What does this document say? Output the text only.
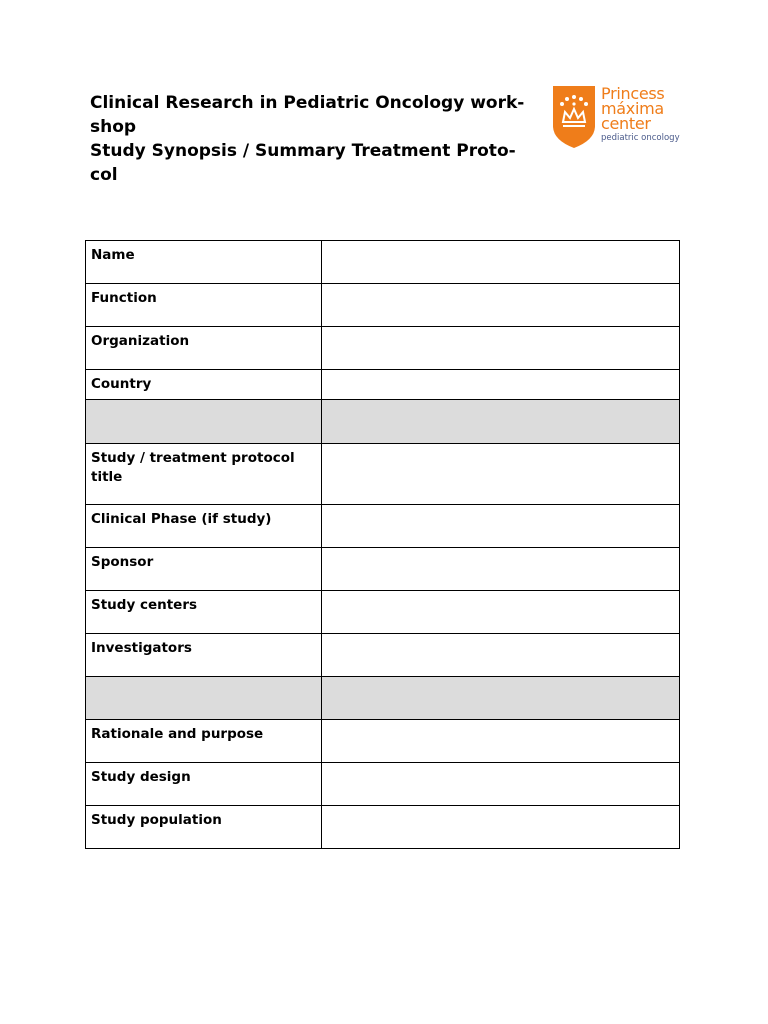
Clinical Research in Pediatric Oncology work-
shop
Study Synopsis / Summary Treatment Proto-
col
Princess
máxima
center
pediatric oncology
Name	
Function	
Organization	
Country	

Study / treatment protocol title	
Clinical Phase (if study)	
Sponsor	
Study centers	
Investigators	

Rationale and purpose	
Study design	
Study population	
